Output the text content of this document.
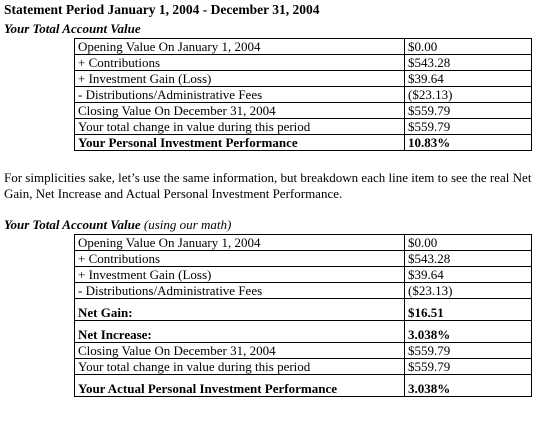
Statement Period January 1, 2004 - December 31, 2004
Your Total Account Value
Opening Value On January 1, 2004	$0.00
+ Contributions	$543.28
+ Investment Gain (Loss)	$39.64
- Distributions/Administrative Fees	($23.13)
Closing Value On December 31, 2004	$559.79
Your total change in value during this period	$559.79
Your Personal Investment Performance	10.83%
For simplicities sake, let’s use the same information, but breakdown each line item to see the real Net Gain, Net Increase and Actual Personal Investment Performance.
Your Total Account Value (using our math)
Opening Value On January 1, 2004	$0.00
+ Contributions	$543.28
+ Investment Gain (Loss)	$39.64
- Distributions/Administrative Fees	($23.13)
Net Gain:	$16.51
Net Increase:	3.038%
Closing Value On December 31, 2004	$559.79
Your total change in value during this period	$559.79
Your Actual Personal Investment Performance	3.038%
